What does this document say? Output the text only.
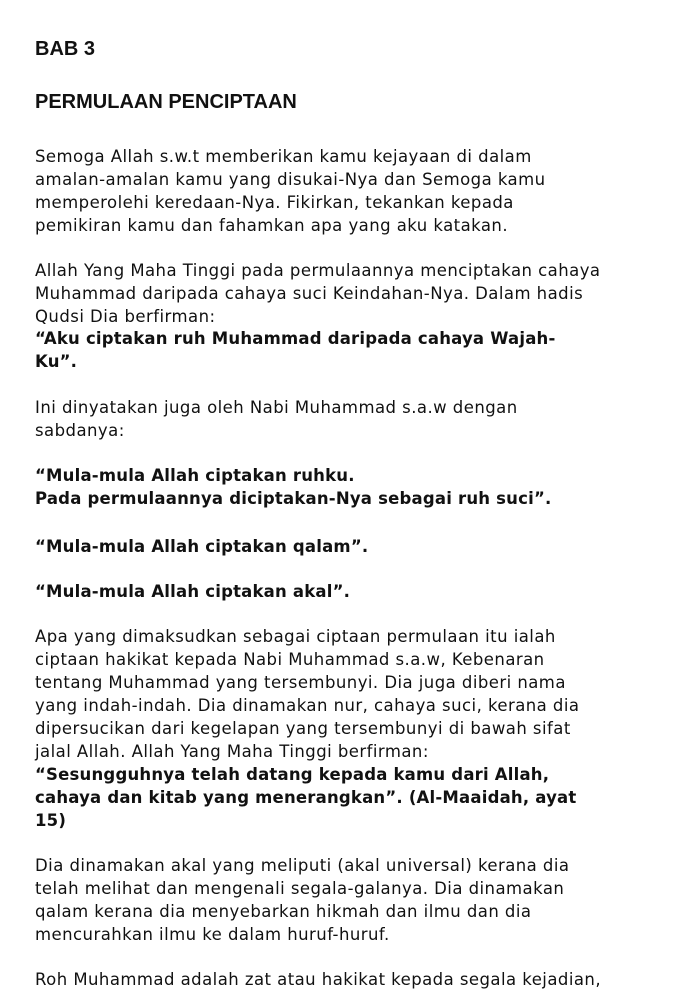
BAB 3
PERMULAAN PENCIPTAAN
Semoga Allah s.w.t memberikan kamu kejayaan di dalam
amalan-amalan kamu yang disukai-Nya dan Semoga kamu
memperolehi keredaan-Nya. Fikirkan, tekankan kepada
pemikiran kamu dan fahamkan apa yang aku katakan.
Allah Yang Maha Tinggi pada permulaannya menciptakan cahaya
Muhammad daripada cahaya suci Keindahan-Nya. Dalam hadis
Qudsi Dia berfirman:
“Aku ciptakan ruh Muhammad daripada cahaya Wajah-
Ku”.
Ini dinyatakan juga oleh Nabi Muhammad s.a.w dengan
sabdanya:
“Mula-mula Allah ciptakan ruhku.
Pada permulaannya diciptakan-Nya sebagai ruh suci”.
“Mula-mula Allah ciptakan qalam”.
“Mula-mula Allah ciptakan akal”.
Apa yang dimaksudkan sebagai ciptaan permulaan itu ialah
ciptaan hakikat kepada Nabi Muhammad s.a.w, Kebenaran
tentang Muhammad yang tersembunyi. Dia juga diberi nama
yang indah-indah. Dia dinamakan nur, cahaya suci, kerana dia
dipersucikan dari kegelapan yang tersembunyi di bawah sifat
jalal Allah. Allah Yang Maha Tinggi berfirman:
“Sesungguhnya telah datang kepada kamu dari Allah,
cahaya dan kitab yang menerangkan”. (Al-Maaidah, ayat
15)
Dia dinamakan akal yang meliputi (akal universal) kerana dia
telah melihat dan mengenali segala-galanya. Dia dinamakan
qalam kerana dia menyebarkan hikmah dan ilmu dan dia
mencurahkan ilmu ke dalam huruf-huruf.
Roh Muhammad adalah zat atau hakikat kepada segala kejadian,
